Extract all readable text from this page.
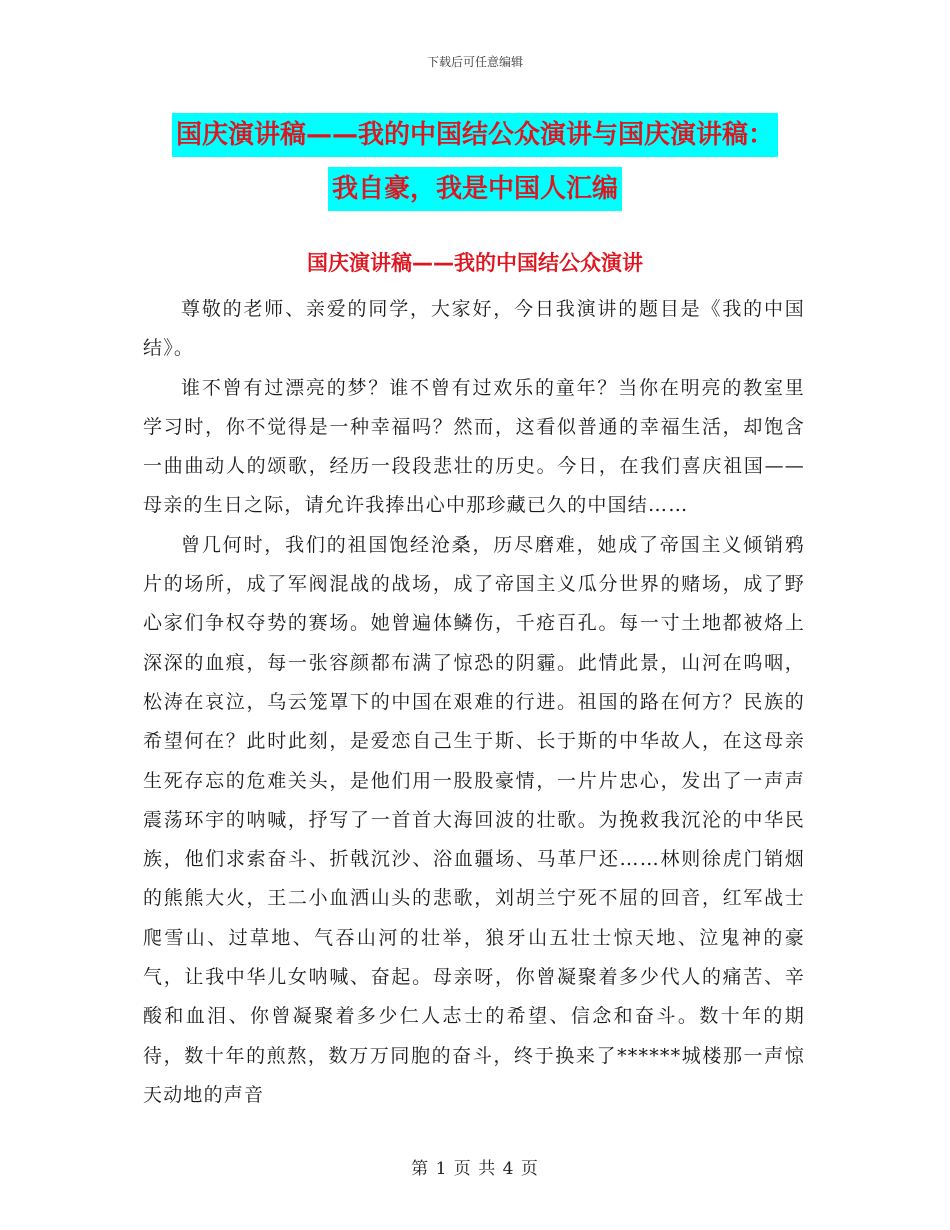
下载后可任意编辑
国庆演讲稿——我的中国结公众演讲与国庆演讲稿：
我自豪，我是中国人汇编
国庆演讲稿——我的中国结公众演讲

尊敬的老师、亲爱的同学，大家好，今日我演讲的题目是《我的中国结》。

谁不曾有过漂亮的梦？谁不曾有过欢乐的童年？当你在明亮的教室里学习时，你不觉得是一种幸福吗？然而，这看似普通的幸福生活，却饱含一曲曲动人的颂歌，经历一段段悲壮的历史。今日，在我们喜庆祖国——母亲的生日之际，请允许我捧出心中那珍藏已久的中国结……

曾几何时，我们的祖国饱经沧桑，历尽磨难，她成了帝国主义倾销鸦片的场所，成了军阀混战的战场，成了帝国主义瓜分世界的赌场，成了野心家们争权夺势的赛场。她曾遍体鳞伤，千疮百孔。每一寸土地都被烙上深深的血痕，每一张容颜都布满了惊恐的阴霾。此情此景，山河在呜咽，松涛在哀泣，乌云笼罩下的中国在艰难的行进。祖国的路在何方？民族的希望何在？此时此刻，是爱恋自己生于斯、长于斯的中华故人，在这母亲生死存忘的危难关头，是他们用一股股豪情，一片片忠心，发出了一声声震荡环宇的呐喊，抒写了一首首大海回波的壮歌。为挽救我沉沦的中华民族，他们求索奋斗、折戟沉沙、浴血疆场、马革尸还……林则徐虎门销烟的熊熊大火，王二小血洒山头的悲歌，刘胡兰宁死不屈的回音，红军战士爬雪山、过草地、气吞山河的壮举，狼牙山五壮士惊天地、泣鬼神的豪气，让我中华儿女呐喊、奋起。母亲呀，你曾凝聚着多少代人的痛苦、辛酸和血泪、你曾凝聚着多少仁人志士的希望、信念和奋斗。数十年的期待，数十年的煎熬，数万万同胞的奋斗，终于换来了******城楼那一声惊天动地的声音

第 1 页 共 4 页
